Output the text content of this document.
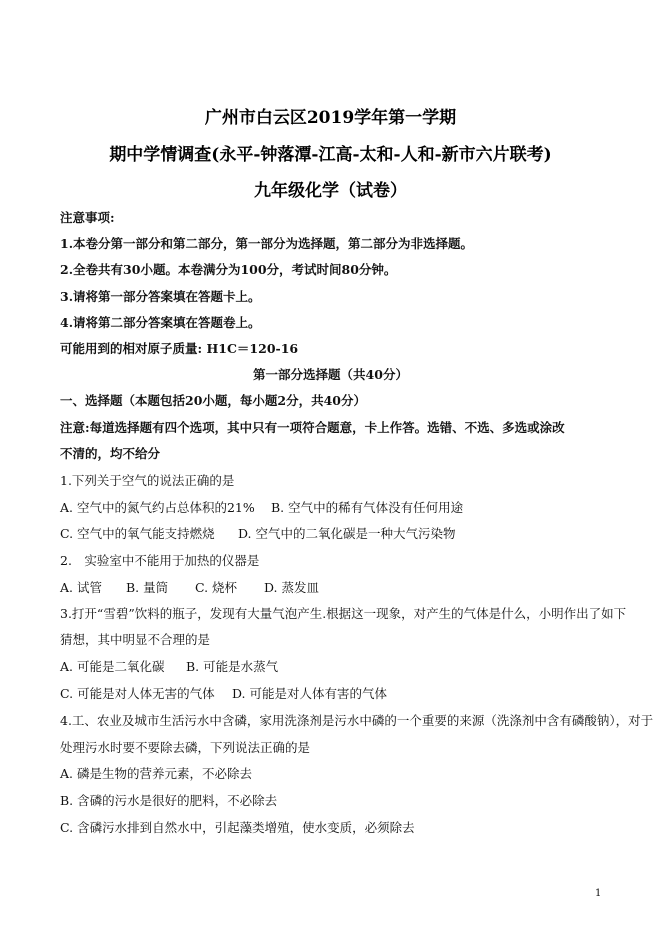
广州市白云区2019学年第一学期
期中学情调查(永平-钟落潭-江高-太和-人和-新市六片联考)
九年级化学（试卷）
注意事项:
1.本卷分第一部分和第二部分，第一部分为选择题，第二部分为非选择题。
2.全卷共有30小题。本卷满分为100分，考试时间80分钟。
3.请将第一部分答案填在答题卡上。
4.请将第二部分答案填在答题卷上。
可能用到的相对原子质量: H1C＝120-16
第一部分选择题（共40分）
一、选择题（本题包括20小题，每小题2分，共40分）
注意:每道选择题有四个选项，其中只有一项符合题意，卡上作答。选错、不选、多选或涂改
不清的，均不给分
1.下列关于空气的说法正确的是
A. 空气中的氮气约占总体积的21% B. 空气中的稀有气体没有任何用途
C. 空气中的氧气能支持燃烧 D. 空气中的二氧化碳是一种大气污染物
2.　实验室中不能用于加热的仪器是
A. 试管 B. 量筒 C. 烧杯 D. 蒸发皿
3.打开“雪碧”饮料的瓶子，发现有大量气泡产生.根据这一现象，对产生的气体是什么，小明作出了如下
猜想，其中明显不合理的是
A. 可能是二氧化碳 B. 可能是水蒸气
C. 可能是对人体无害的气体 D. 可能是对人体有害的气体
4.工、农业及城市生活污水中含磷，家用洗涤剂是污水中磷的一个重要的来源（洗涤剂中含有磷酸钠），对于
处理污水时要不要除去磷，下列说法正确的是
A. 磷是生物的营养元素，不必除去
B. 含磷的污水是很好的肥料，不必除去
C. 含磷污水排到自然水中，引起藻类增殖，使水变质，必须除去
1
